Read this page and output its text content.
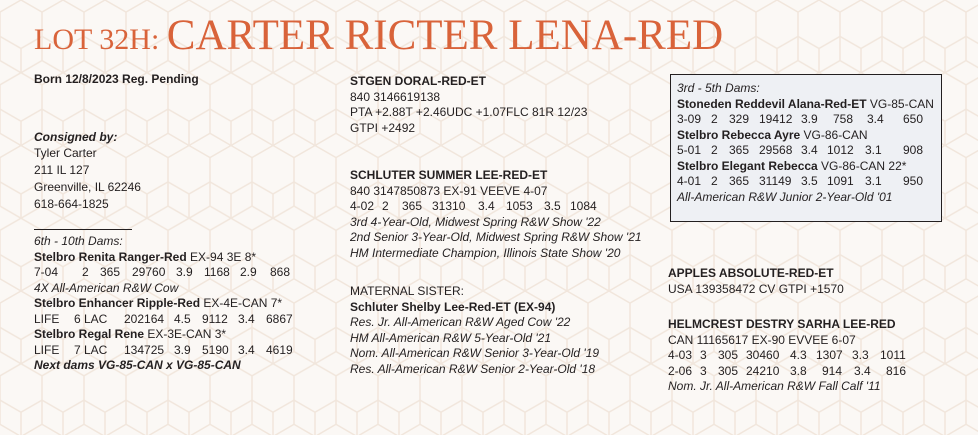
LOT 32H: CARTER RICTER LENA-RED
Born 12/8/2023 Reg. Pending
Consigned by:
Tyler Carter
211 IL 127
Greenville, IL 62246
618-664-1825
6th - 10th Dams:
Stelbro Renita Ranger-Red EX-94 3E 8*
7-04	2 365 29760 3.9 1168 2.9	868
4X All-American R&W Cow
Stelbro Enhancer Ripple-Red EX-4E-CAN 7*
LIFE	6 LAC	202164 4.5 9112 3.4 6867
Stelbro Regal Rene EX-3E-CAN 3*
LIFE	7 LAC	134725 3.9 5190 3.4 4619
Next dams VG-85-CAN x VG-85-CAN
STGEN DORAL-RED-ET
840 3146619138
PTA +2.88T +2.46UDC +1.07FLC 81R 12/23
GTPI +2492
SCHLUTER SUMMER LEE-RED-ET
840 3147850873 EX-91 VEEVE 4-07
4-02 2	365 31310	3.4 1053 3.5 1084
3rd 4-Year-Old, Midwest Spring R&W Show '22
2nd Senior 3-Year-Old, Midwest Spring R&W Show '21
HM Intermediate Champion, Illinois State Show '20
MATERNAL SISTER:
Schluter Shelby Lee-Red-ET (EX-94)
Res. Jr. All-American R&W Aged Cow '22
HM All-American R&W 5-Year-Old '21
Nom. All-American R&W Senior 3-Year-Old '19
Res. All-American R&W Senior 2-Year-Old '18
3rd - 5th Dams:
Stoneden Reddevil Alana-Red-ET VG-85-CAN
3-09 2 329 19412 3.9	758	3.4	650
Stelbro Rebecca Ayre VG-86-CAN
5-01 2 365 29568 3.4 1012 3.1	908
Stelbro Elegant Rebecca VG-86-CAN 22*
4-01 2 365 31149 3.5 1091 3.1	950
All-American R&W Junior 2-Year-Old '01
APPLES ABSOLUTE-RED-ET
USA 139358472 CV GTPI +1570
HELMCREST DESTRY SARHA LEE-RED
CAN 11165617 EX-90 EVVEE 6-07
4-03 3 305 30460 4.3 1307 3.3 1011
2-06 3 305 24210 3.8	914 3.4	816
Nom. Jr. All-American R&W Fall Calf '11
